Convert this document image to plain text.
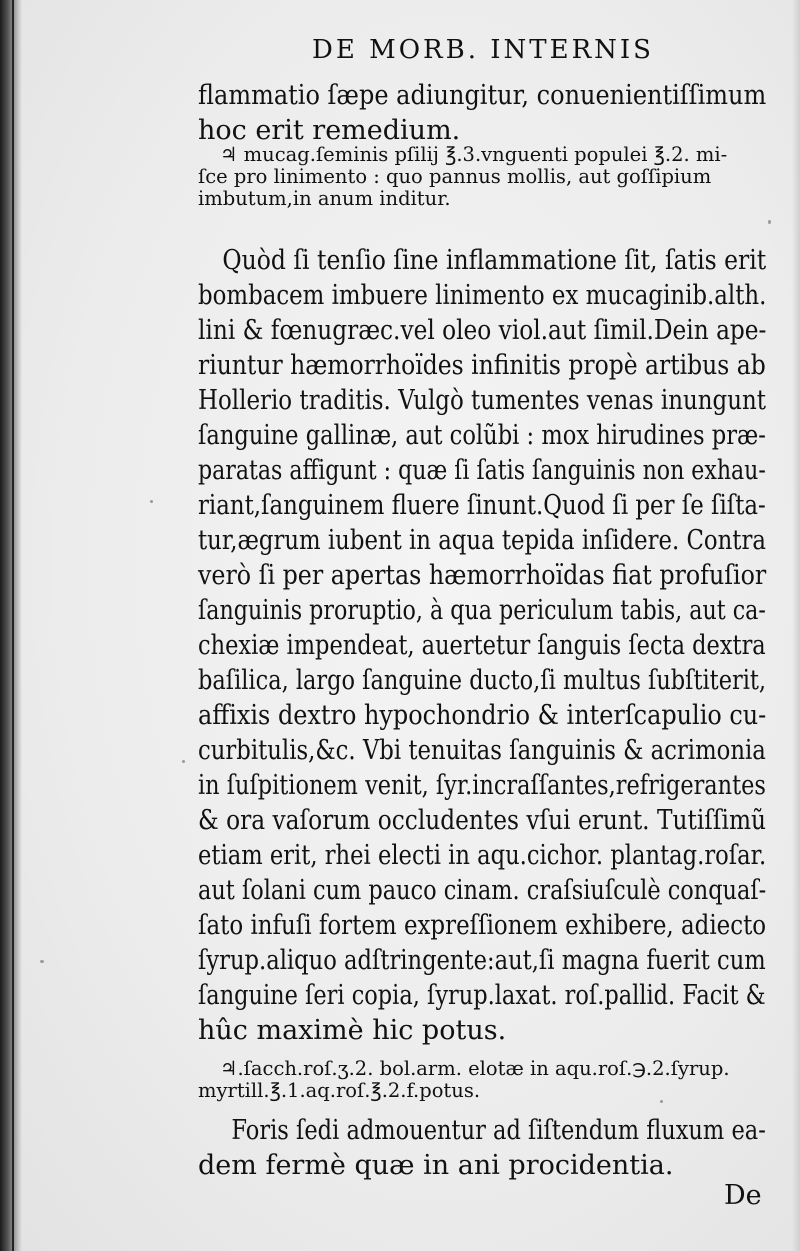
DE MORB. INTERNIS
flammatio ſæpe adiungitur, conuenientiſſimum
hoc erit remedium.
♃ mucag.ſeminis pſilij ℥.3.vnguenti populei ℥.2. mi-
ſce pro linimento : quo pannus mollis, aut goſſipium
imbutum,in anum inditur.
Quòd ſi tenſio ſine inflammatione ſit, ſatis erit
bombacem imbuere linimento ex mucaginib.alth.
lini & fœnugræc.vel oleo viol.aut ſimil.Dein ape-
riuntur hæmorrhoïdes infinitis propè artibus ab
Hollerio traditis. Vulgò tumentes venas inungunt
ſanguine gallinæ, aut colũbi : mox hirudines præ-
paratas affigunt : quæ ſi ſatis ſanguinis non exhau-
riant,ſanguinem fluere ſinunt.Quod ſi per ſe ſiſta-
tur,ægrum iubent in aqua tepida inſidere. Contra
verò ſi per apertas hæmorrhoïdas fiat profuſior
ſanguinis proruptio, à qua periculum tabis, aut ca-
chexiæ impendeat, auertetur ſanguis ſecta dextra
baſilica, largo ſanguine ducto,ſi multus ſubſtiterit,
affixis dextro hypochondrio & interſcapulio cu-
curbitulis,&c. Vbi tenuitas ſanguinis & acrimonia
in ſuſpitionem venit, ſyr.incraſſantes,refrigerantes
& ora vaſorum occludentes vſui erunt. Tutiſſimũ
etiam erit, rhei electi in aqu.cichor. plantag.roſar.
aut ſolani cum pauco cinam. craſsiuſculè conquaſ-
ſato infuſi fortem expreſſionem exhibere, adiecto
ſyrup.aliquo adſtringente:aut,ſi magna fuerit cum
ſanguine ſeri copia, ſyrup.laxat. roſ.pallid. Facit &
hûc maximè hic potus.
♃.ſacch.roſ.ʒ.2. bol.arm. elotæ in aqu.roſ.℈.2.ſyrup.
myrtill.℥.1.aq.roſ.℥.2.f.potus.
Foris ſedi admouentur ad ſiſtendum fluxum ea-
dem fermè quæ in ani procidentia.
De
